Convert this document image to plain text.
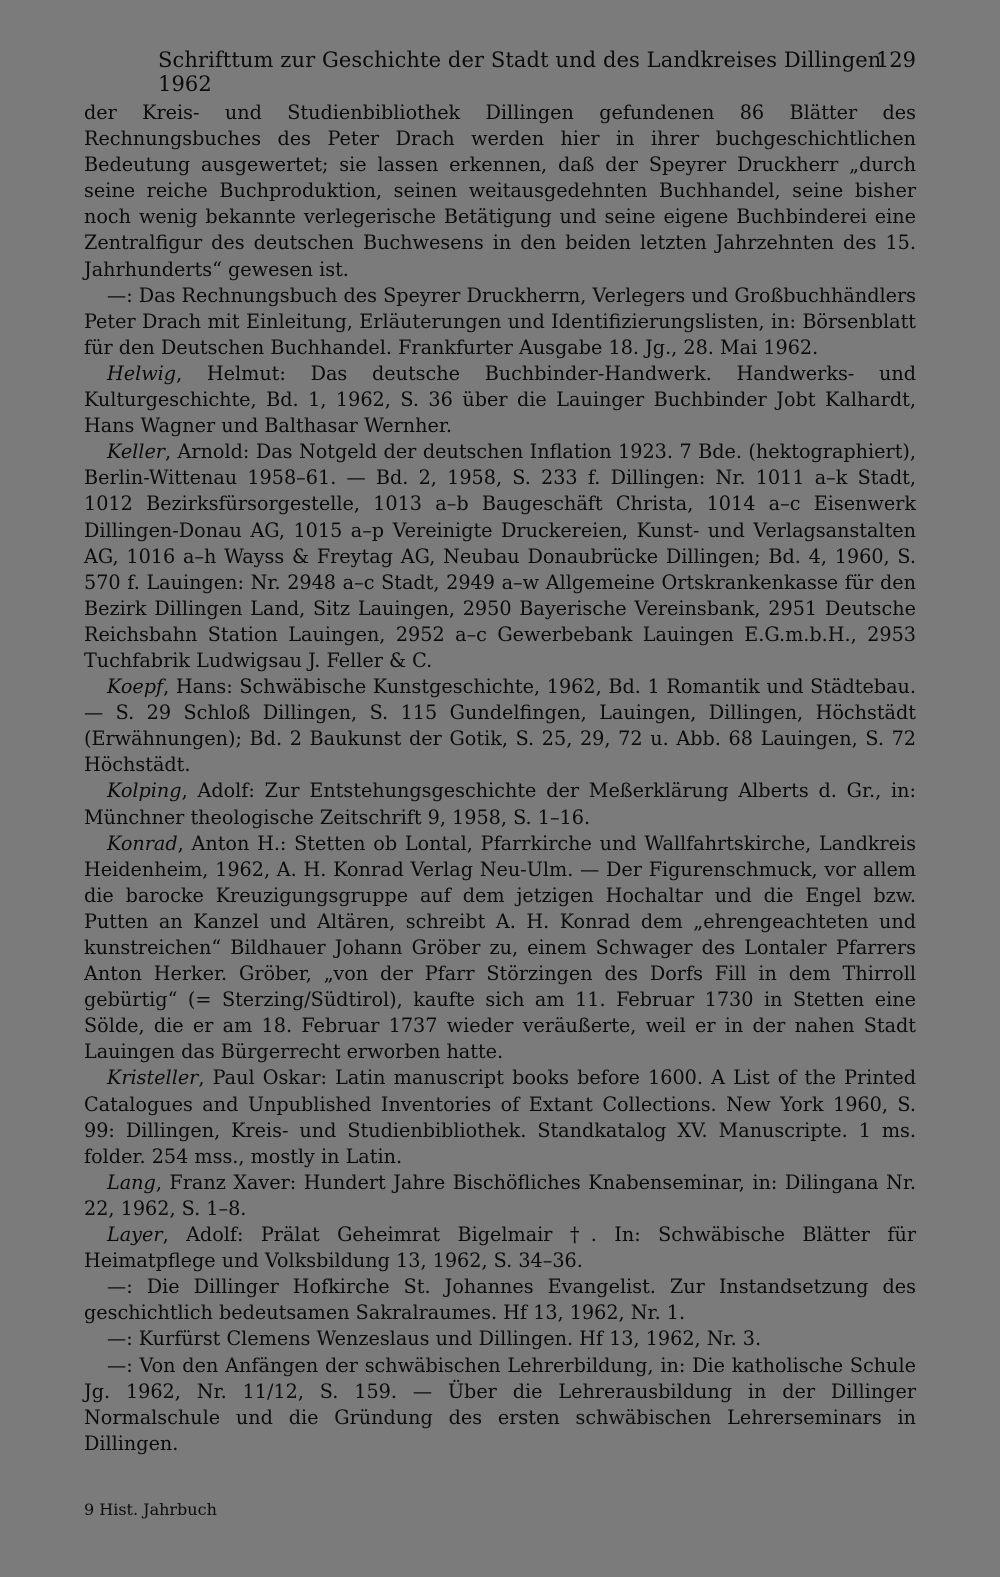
Schrifttum zur Geschichte der Stadt und des Landkreises Dillingen 1962
129

der Kreis- und Studienbibliothek Dillingen gefundenen 86 Blätter des Rechnungsbuches des Peter Drach werden hier in ihrer buchgeschichtlichen Bedeutung ausgewertet; sie lassen erkennen, daß der Speyrer Druckherr „durch seine reiche Buchproduktion, seinen weitausgedehnten Buchhandel, seine bisher noch wenig bekannte verlegerische Betätigung und seine eigene Buchbinderei eine Zentralfigur des deutschen Buchwesens in den beiden letzten Jahrzehnten des 15. Jahrhunderts“ gewesen ist.

—: Das Rechnungsbuch des Speyrer Druckherrn, Verlegers und Großbuchhändlers Peter Drach mit Einleitung, Erläuterungen und Identifizierungslisten, in: Börsenblatt für den Deutschen Buchhandel. Frankfurter Ausgabe 18. Jg., 28. Mai 1962.

Helwig, Helmut: Das deutsche Buchbinder-Handwerk. Handwerks- und Kulturgeschichte, Bd. 1, 1962, S. 36 über die Lauinger Buchbinder Jobt Kalhardt, Hans Wagner und Balthasar Wernher.

Keller, Arnold: Das Notgeld der deutschen Inflation 1923. 7 Bde. (hektographiert), Berlin-Wittenau 1958–61. — Bd. 2, 1958, S. 233 f. Dillingen: Nr. 1011 a–k Stadt, 1012 Bezirksfürsorgestelle, 1013 a–b Baugeschäft Christa, 1014 a–c Eisenwerk Dillingen-Donau AG, 1015 a–p Vereinigte Druckereien, Kunst- und Verlagsanstalten AG, 1016 a–h Wayss & Freytag AG, Neubau Donaubrücke Dillingen; Bd. 4, 1960, S. 570 f. Lauingen: Nr. 2948 a–c Stadt, 2949 a–w Allgemeine Ortskrankenkasse für den Bezirk Dillingen Land, Sitz Lauingen, 2950 Bayerische Vereinsbank, 2951 Deutsche Reichsbahn Station Lauingen, 2952 a–c Gewerbebank Lauingen E.G.m.b.H., 2953 Tuchfabrik Ludwigsau J. Feller & C.

Koepf, Hans: Schwäbische Kunstgeschichte, 1962, Bd. 1 Romantik und Städtebau. — S. 29 Schloß Dillingen, S. 115 Gundelfingen, Lauingen, Dillingen, Höchstädt (Erwähnungen); Bd. 2 Baukunst der Gotik, S. 25, 29, 72 u. Abb. 68 Lauingen, S. 72 Höchstädt.

Kolping, Adolf: Zur Entstehungsgeschichte der Meßerklärung Alberts d. Gr., in: Münchner theologische Zeitschrift 9, 1958, S. 1–16.

Konrad, Anton H.: Stetten ob Lontal, Pfarrkirche und Wallfahrtskirche, Landkreis Heidenheim, 1962, A. H. Konrad Verlag Neu-Ulm. — Der Figurenschmuck, vor allem die barocke Kreuzigungsgruppe auf dem jetzigen Hochaltar und die Engel bzw. Putten an Kanzel und Altären, schreibt A. H. Konrad dem „ehrengeachteten und kunstreichen“ Bildhauer Johann Gröber zu, einem Schwager des Lontaler Pfarrers Anton Herker. Gröber, „von der Pfarr Störzingen des Dorfs Fill in dem Thirroll gebürtig“ (= Sterzing/Südtirol), kaufte sich am 11. Februar 1730 in Stetten eine Sölde, die er am 18. Februar 1737 wieder veräußerte, weil er in der nahen Stadt Lauingen das Bürgerrecht erworben hatte.

Kristeller, Paul Oskar: Latin manuscript books before 1600. A List of the Printed Catalogues and Unpublished Inventories of Extant Collections. New York 1960, S. 99: Dillingen, Kreis- und Studienbibliothek. Standkatalog XV. Manuscripte. 1 ms. folder. 254 mss., mostly in Latin.

Lang, Franz Xaver: Hundert Jahre Bischöfliches Knabenseminar, in: Dilingana Nr. 22, 1962, S. 1–8.

Layer, Adolf: Prälat Geheimrat Bigelmair †. In: Schwäbische Blätter für Heimatpflege und Volksbildung 13, 1962, S. 34–36.

—: Die Dillinger Hofkirche St. Johannes Evangelist. Zur Instandsetzung des geschichtlich bedeutsamen Sakralraumes. Hf 13, 1962, Nr. 1.

—: Kurfürst Clemens Wenzeslaus und Dillingen. Hf 13, 1962, Nr. 3.

—: Von den Anfängen der schwäbischen Lehrerbildung, in: Die katholische Schule Jg. 1962, Nr. 11/12, S. 159. — Über die Lehrerausbildung in der Dillinger Normalschule und die Gründung des ersten schwäbischen Lehrerseminars in Dillingen.

9 Hist. Jahrbuch
